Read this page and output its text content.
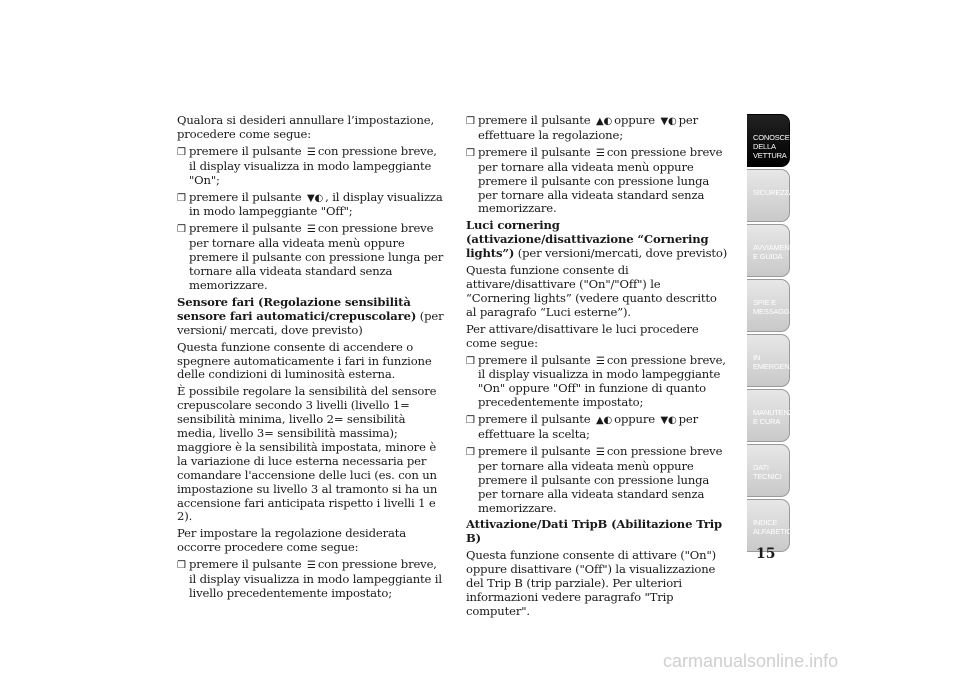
Qualora si desideri annullare l’impostazione, procedere come segue:

❒ premere il pulsante ☰ con pressione breve, il display visualizza in modo lampeggiante "On";
❒ premere il pulsante ▼◐ , il display visualizza in modo lampeggiante "Off";
❒ premere il pulsante ☰ con pressione breve per tornare alla videata menù oppure premere il pulsante con pressione lunga per tornare alla videata standard senza memorizzare.

Sensore fari (Regolazione sensibilità sensore fari automatici/crepuscolare) (per versioni/ mercati, dove previsto)

Questa funzione consente di accendere o spegnere automaticamente i fari in funzione delle condizioni di luminosità esterna.

È possibile regolare la sensibilità del sensore crepuscolare secondo 3 livelli (livello 1= sensibilità minima, livello 2= sensibilità media, livello 3= sensibilità massima); maggiore è la sensibilità impostata, minore è la variazione di luce esterna necessaria per comandare l'accensione delle luci (es. con un impostazione su livello 3 al tramonto si ha un accensione fari anticipata rispetto i livelli 1 e 2).

Per impostare la regolazione desiderata occorre procedere come segue:

❒ premere il pulsante ☰ con pressione breve, il display visualizza in modo lampeggiante il livello precedentemente impostato;
❒ premere il pulsante ▲◐ oppure ▼◐ per effettuare la regolazione;
❒ premere il pulsante ☰ con pressione breve per tornare alla videata menù oppure premere il pulsante con pressione lunga per tornare alla videata standard senza memorizzare.

Luci cornering (attivazione/disattivazione “Cornering lights”) (per versioni/mercati, dove previsto)

Questa funzione consente di attivare/disattivare ("On"/"Off") le “Cornering lights” (vedere quanto descritto al paragrafo “Luci esterne”).

Per attivare/disattivare le luci procedere come segue:

❒ premere il pulsante ☰ con pressione breve, il display visualizza in modo lampeggiante "On" oppure "Off" in funzione di quanto precedentemente impostato;
❒ premere il pulsante ▲◐ oppure ▼◐ per effettuare la scelta;
❒ premere il pulsante ☰ con pressione breve per tornare alla videata menù oppure premere il pulsante con pressione lunga per tornare alla videata standard senza memorizzare.

Attivazione/Dati TripB (Abilitazione Trip B)

Questa funzione consente di attivare ("On") oppure disattivare ("Off") la visualizzazione del Trip B (trip parziale). Per ulteriori informazioni vedere paragrafo "Trip computer".

CONOSCENZA DELLA VETTURA
SICUREZZA
AVVIAMENTO E GUIDA
SPIE E MESSAGGI
IN EMERGENZA
MANUTENZIONE E CURA
DATI TECNICI
INDICE ALFABETICO
15
carmanualsonline.info
